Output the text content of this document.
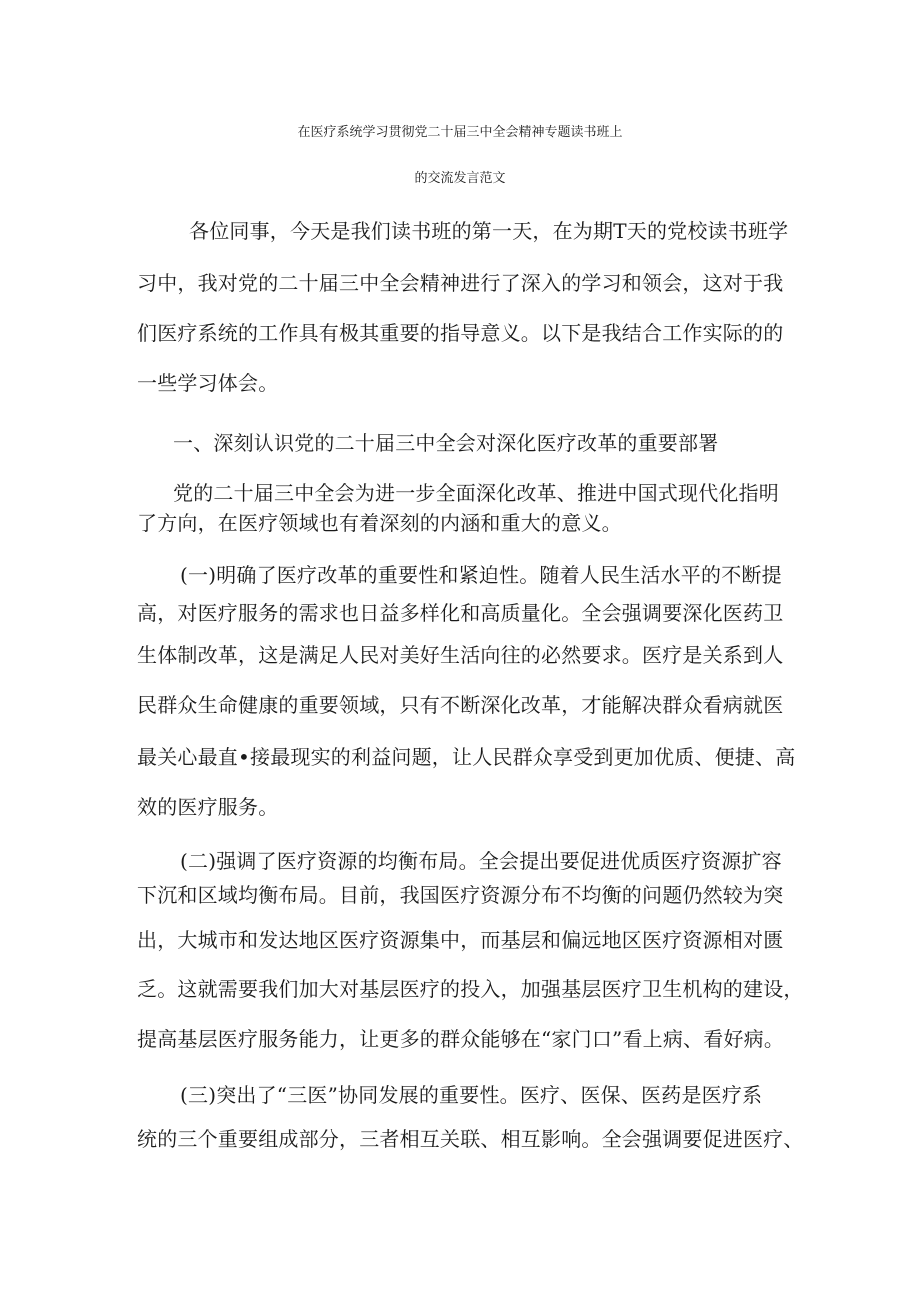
在医疗系统学习贯彻党二十届三中全会精神专题读书班上
的交流发言范文
各位同事，今天是我们读书班的第一天，在为期T天的党校读书班学
习中，我对党的二十届三中全会精神进行了深入的学习和领会，这对于我
们医疗系统的工作具有极其重要的指导意义。以下是我结合工作实际的的
一些学习体会。
一、深刻认识党的二十届三中全会对深化医疗改革的重要部署
党的二十届三中全会为进一步全面深化改革、推进中国式现代化指明
了方向，在医疗领域也有着深刻的内涵和重大的意义。
(一)明确了医疗改革的重要性和紧迫性。随着人民生活水平的不断提
高，对医疗服务的需求也日益多样化和高质量化。全会强调要深化医药卫
生体制改革，这是满足人民对美好生活向往的必然要求。医疗是关系到人
民群众生命健康的重要领域，只有不断深化改革，才能解决群众看病就医
最关心最直•接最现实的利益问题，让人民群众享受到更加优质、便捷、高
效的医疗服务。
(二)强调了医疗资源的均衡布局。全会提出要促进优质医疗资源扩容
下沉和区域均衡布局。目前，我国医疗资源分布不均衡的问题仍然较为突
出，大城市和发达地区医疗资源集中，而基层和偏远地区医疗资源相对匮
乏。这就需要我们加大对基层医疗的投入，加强基层医疗卫生机构的建设，
提高基层医疗服务能力，让更多的群众能够在“家门口”看上病、看好病。
(三)突出了“三医”协同发展的重要性。医疗、医保、医药是医疗系
统的三个重要组成部分，三者相互关联、相互影响。全会强调要促进医疗、
